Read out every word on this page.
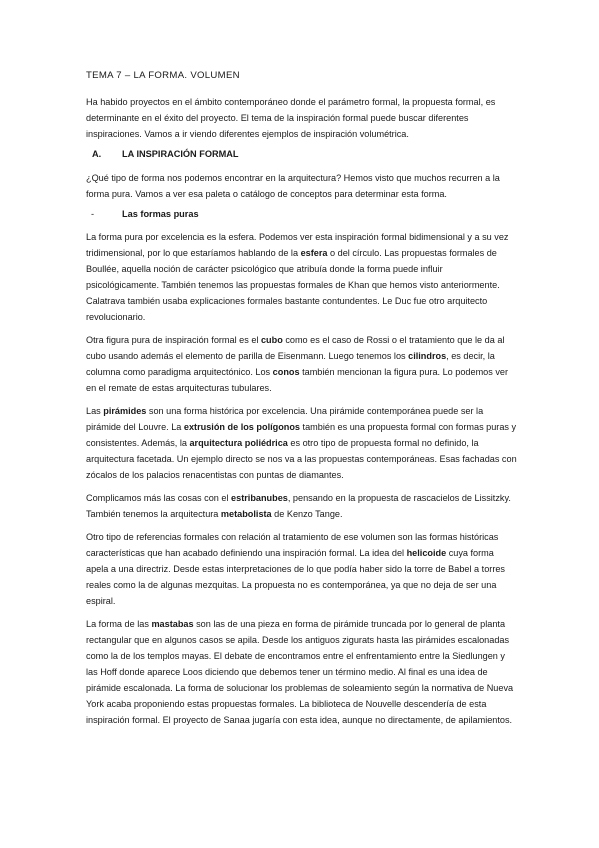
TEMA 7 – LA FORMA. VOLUMEN

Ha habido proyectos en el ámbito contemporáneo donde el parámetro formal, la propuesta formal, es determinante en el éxito del proyecto. El tema de la inspiración formal puede buscar diferentes inspiraciones. Vamos a ir viendo diferentes ejemplos de inspiración volumétrica.

A.	LA INSPIRACIÓN FORMAL

¿Qué tipo de forma nos podemos encontrar en la arquitectura? Hemos visto que muchos recurren a la forma pura. Vamos a ver esa paleta o catálogo de conceptos para determinar esta forma.

-	Las formas puras

La forma pura por excelencia es la esfera. Podemos ver esta inspiración formal bidimensional y a su vez tridimensional, por lo que estaríamos hablando de la esfera o del círculo. Las propuestas formales de Boullée, aquella noción de carácter psicológico que atribuía donde la forma puede influir psicológicamente. También tenemos las propuestas formales de Khan que hemos visto anteriormente. Calatrava también usaba explicaciones formales bastante contundentes. Le Duc fue otro arquitecto revolucionario.

Otra figura pura de inspiración formal es el cubo como es el caso de Rossi o el tratamiento que le da al cubo usando además el elemento de parilla de Eisenmann. Luego tenemos los cilindros, es decir, la columna como paradigma arquitectónico. Los conos también mencionan la figura pura. Lo podemos ver en el remate de estas arquitecturas tubulares.

Las pirámides son una forma histórica por excelencia. Una pirámide contemporánea puede ser la pirámide del Louvre. La extrusión de los polígonos también es una propuesta formal con formas puras y consistentes. Además, la arquitectura poliédrica es otro tipo de propuesta formal no definido, la arquitectura facetada. Un ejemplo directo se nos va a las propuestas contemporáneas. Esas fachadas con zócalos de los palacios renacentistas con puntas de diamantes.

Complicamos más las cosas con el estribanubes, pensando en la propuesta de rascacielos de Lissitzky. También tenemos la arquitectura metabolista de Kenzo Tange.

Otro tipo de referencias formales con relación al tratamiento de ese volumen son las formas históricas características que han acabado definiendo una inspiración formal. La idea del helicoide cuya forma apela a una directriz. Desde estas interpretaciones de lo que podía haber sido la torre de Babel a torres reales como la de algunas mezquitas. La propuesta no es contemporánea, ya que no deja de ser una espiral.

La forma de las mastabas son las de una pieza en forma de pirámide truncada por lo general de planta rectangular que en algunos casos se apila. Desde los antiguos zigurats hasta las pirámides escalonadas como la de los templos mayas. El debate de encontramos entre el enfrentamiento entre la Siedlungen y las Hoff donde aparece Loos diciendo que debemos tener un término medio. Al final es una idea de pirámide escalonada. La forma de solucionar los problemas de soleamiento según la normativa de Nueva York acaba proponiendo estas propuestas formales. La biblioteca de Nouvelle descendería de esta inspiración formal. El proyecto de Sanaa jugaría con esta idea, aunque no directamente, de apilamientos.
